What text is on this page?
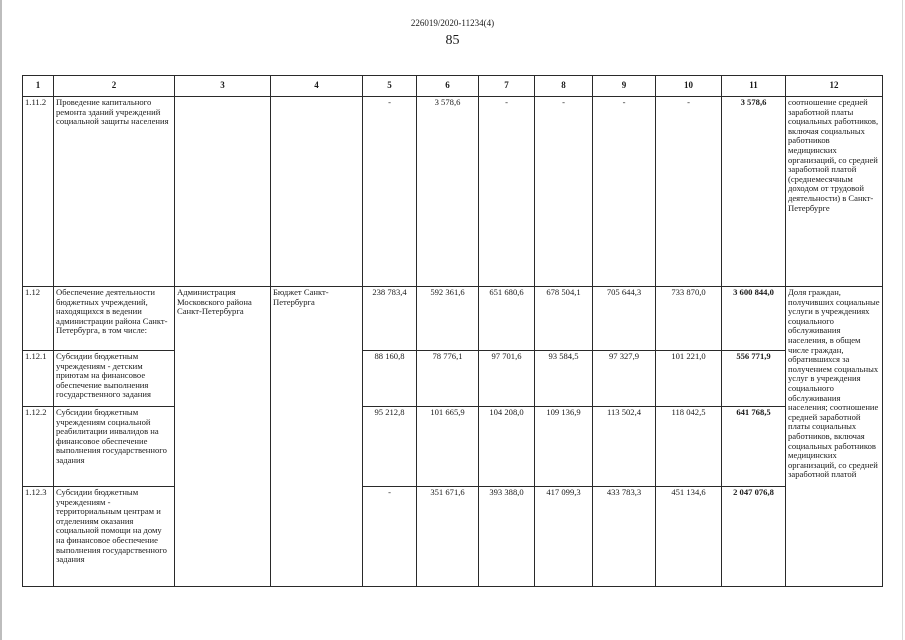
226019/2020-11234(4)
85
1	2	3	4	5	6	7	8	9	10	11	12
1.11.2	Проведение капитального ремонта зданий учреждений социальной защиты населения			-	3 578,6	-	-	-	-	3 578,6	соотношение средней заработной платы социальных работников, включая социальных работников медицинских организаций, со средней заработной платой (среднемесячным доходом от трудовой деятельности) в Санкт-Петербурге
1.12	Обеспечение деятельности бюджетных учреждений, находящихся в ведении администрации района Санкт-Петербурга, в том числе:	Администрация Московского района Санкт-Петербурга	Бюджет Санкт-Петербурга	238 783,4	592 361,6	651 680,6	678 504,1	705 644,3	733 870,0	3 600 844,0	Доля граждан, получивших социальные услуги в учреждениях социального обслуживания населения, в общем числе граждан, обратившихся за получением социальных услуг в учреждения социального обслуживания населения; соотношение средней заработной платы социальных работников, включая социальных работников медицинских организаций, со средней заработной платой
1.12.1	Субсидии бюджетным учреждениям - детским приютам на финансовое обеспечение выполнения государственного задания			88 160,8	78 776,1	97 701,6	93 584,5	97 327,9	101 221,0	556 771,9	
1.12.2	Субсидии бюджетным учреждениям социальной реабилитации инвалидов на финансовое обеспечение выполнения государственного задания			95 212,8	101 665,9	104 208,0	109 136,9	113 502,4	118 042,5	641 768,5	
1.12.3	Субсидии бюджетным учреждениям - территориальным центрам и отделениям оказания социальной помощи на дому на финансовое обеспечение выполнения государственного задания			-	351 671,6	393 388,0	417 099,3	433 783,3	451 134,6	2 047 076,8	
